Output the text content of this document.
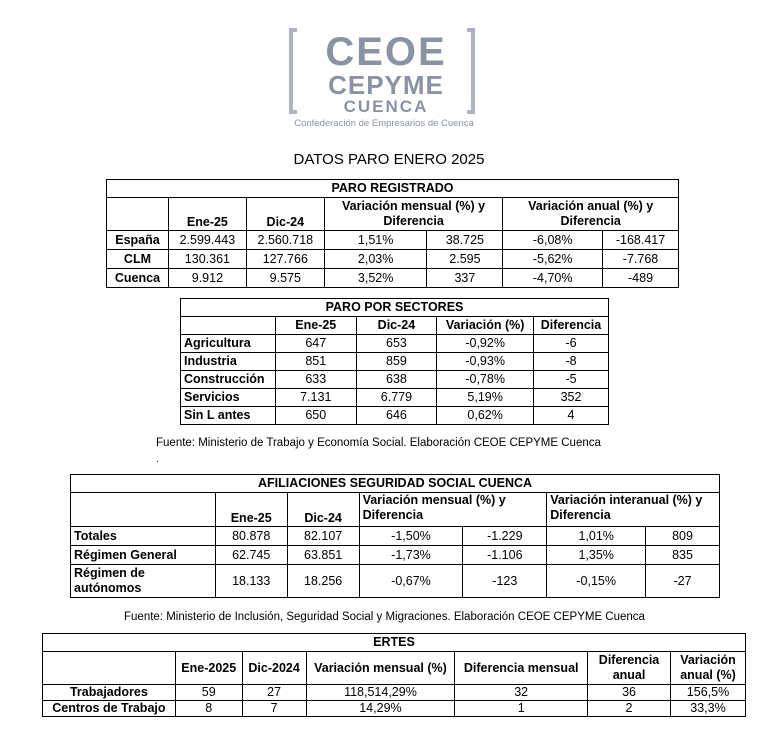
CEOE
CEPYME
CUENCA
Confederación de Empresarios de Cuenca
DATOS PARO ENERO 2025
PARO REGISTRADO						
	Ene-25	Dic-24	Variación mensual (%) y Diferencia		Variación anual (%) y Diferencia	
España	2.599.443	2.560.718	1,51%	38.725	-6,08%	-168.417
CLM	130.361	127.766	2,03%	2.595	-5,62%	-7.768
Cuenca	9.912	9.575	3,52%	337	-4,70%	-489
PARO POR SECTORES				
	Ene-25	Dic-24	Variación (%)	Diferencia
Agricultura	647	653	-0,92%	-6
Industria	851	859	-0,93%	-8
Construcción	633	638	-0,78%	-5
Servicios	7.131	6.779	5,19%	352
Sin L antes	650	646	0,62%	4
Fuente: Ministerio de Trabajo y Economía Social. Elaboración CEOE CEPYME Cuenca
.
AFILIACIONES SEGURIDAD SOCIAL CUENCA						
	Ene-25	Dic-24	Variación mensual (%) y Diferencia		Variación interanual (%) y Diferencia	
Totales	80.878	82.107	-1,50%	-1.229	1,01%	809
Régimen General	62.745	63.851	-1,73%	-1.106	1,35%	835
Régimen de autónomos	18.133	18.256	-0,67%	-123	-0,15%	-27
Fuente: Ministerio de Inclusión, Seguridad Social y Migraciones. Elaboración CEOE CEPYME Cuenca
ERTES						
	Ene-2025	Dic-2024	Variación mensual (%)	Diferencia mensual	Diferencia anual	Variación anual (%)
Trabajadores	59	27	118,514,29%	32	36	156,5%
Centros de Trabajo	8	7	14,29%	1	2	33,3%
